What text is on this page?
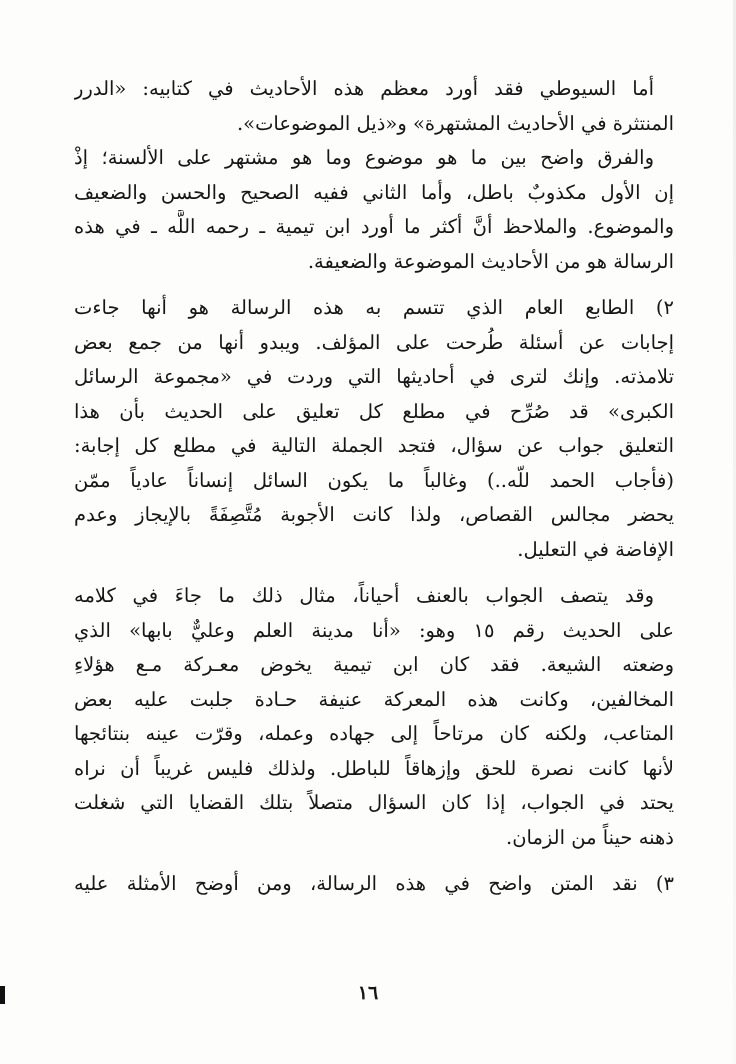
أما السيوطي فقد أورد معظم هذه الأحاديث في كتابيه: «الدرر
المنتثرة في الأحاديث المشتهرة» و«ذيل الموضوعات».
والفرق واضح بين ما هو موضوع وما هو مشتهر على الألسنة؛ إذْ
إن الأول مكذوبٌ باطل، وأما الثاني ففيه الصحيح والحسن والضعيف
والموضوع. والملاحظ أنَّ أكثر ما أورد ابن تيمية ـ رحمه اللَّه ـ في هذه
الرسالة هو من الأحاديث الموضوعة والضعيفة.
٢) الطابع العام الذي تتسم به هذه الرسالة هو أنها جاءت
إجابات عن أسئلة طُرحت على المؤلف. ويبدو أنها من جمع بعض
تلامذته. وإنك لترى في أحاديثها التي وردت في «مجموعة الرسائل
الكبرى» قد صُرِّح في مطلع كل تعليق على الحديث بأن هذا
التعليق جواب عن سؤال، فتجد الجملة التالية في مطلع كل إجابة:
(فأجاب الحمد للّه..) وغالباً ما يكون السائل إنساناً عادياً ممّن
يحضر مجالس القصاص، ولذا كانت الأجوبة مُتَّصِفَةً بالإيجاز وعدم
الإفاضة في التعليل.
وقد يتصف الجواب بالعنف أحياناً، مثال ذلك ما جاءَ في كلامه
على الحديث رقم ١٥ وهو: «أنا مدينة العلم وعليٌّ بابها» الذي
وضعته الشيعة. فقد كان ابن تيمية يخوض معـركة مـع هؤلاءِ
المخالفين، وكانت هذه المعركة عنيفة حـادة جلبت عليه بعض
المتاعب، ولكنه كان مرتاحاً إلى جهاده وعمله، وقرّت عينه بنتائجها
لأنها كانت نصرة للحق وإزهاقاً للباطل. ولذلك فليس غريباً أن نراه
يحتد في الجواب، إذا كان السؤال متصلاً بتلك القضايا التي شغلت
ذهنه حيناً من الزمان.
٣) نقد المتن واضح في هذه الرسالة، ومن أوضح الأمثلة عليه
١٦
